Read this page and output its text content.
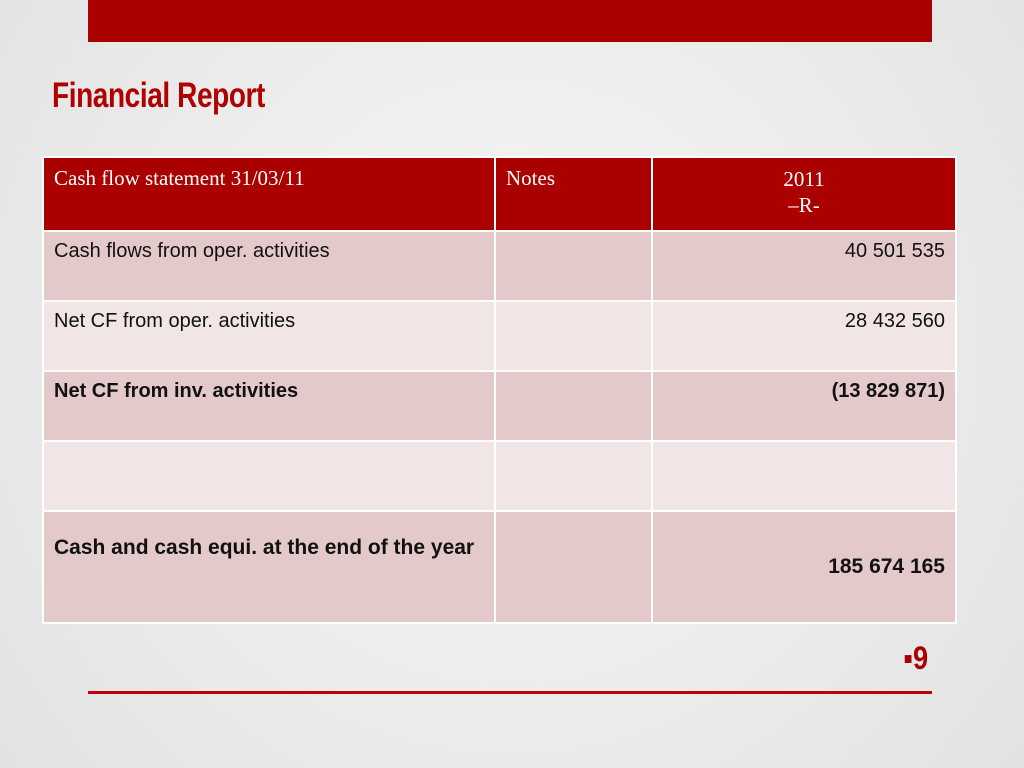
Financial Report
Cash flow statement 31/03/11	Notes	2011
–R-
Cash flows from oper. activities		40 501 535
Net CF from oper. activities		28 432 560
Net CF from inv. activities		(13 829 871)

Cash and cash equi. at the end of the year		185 674 165
▪9
